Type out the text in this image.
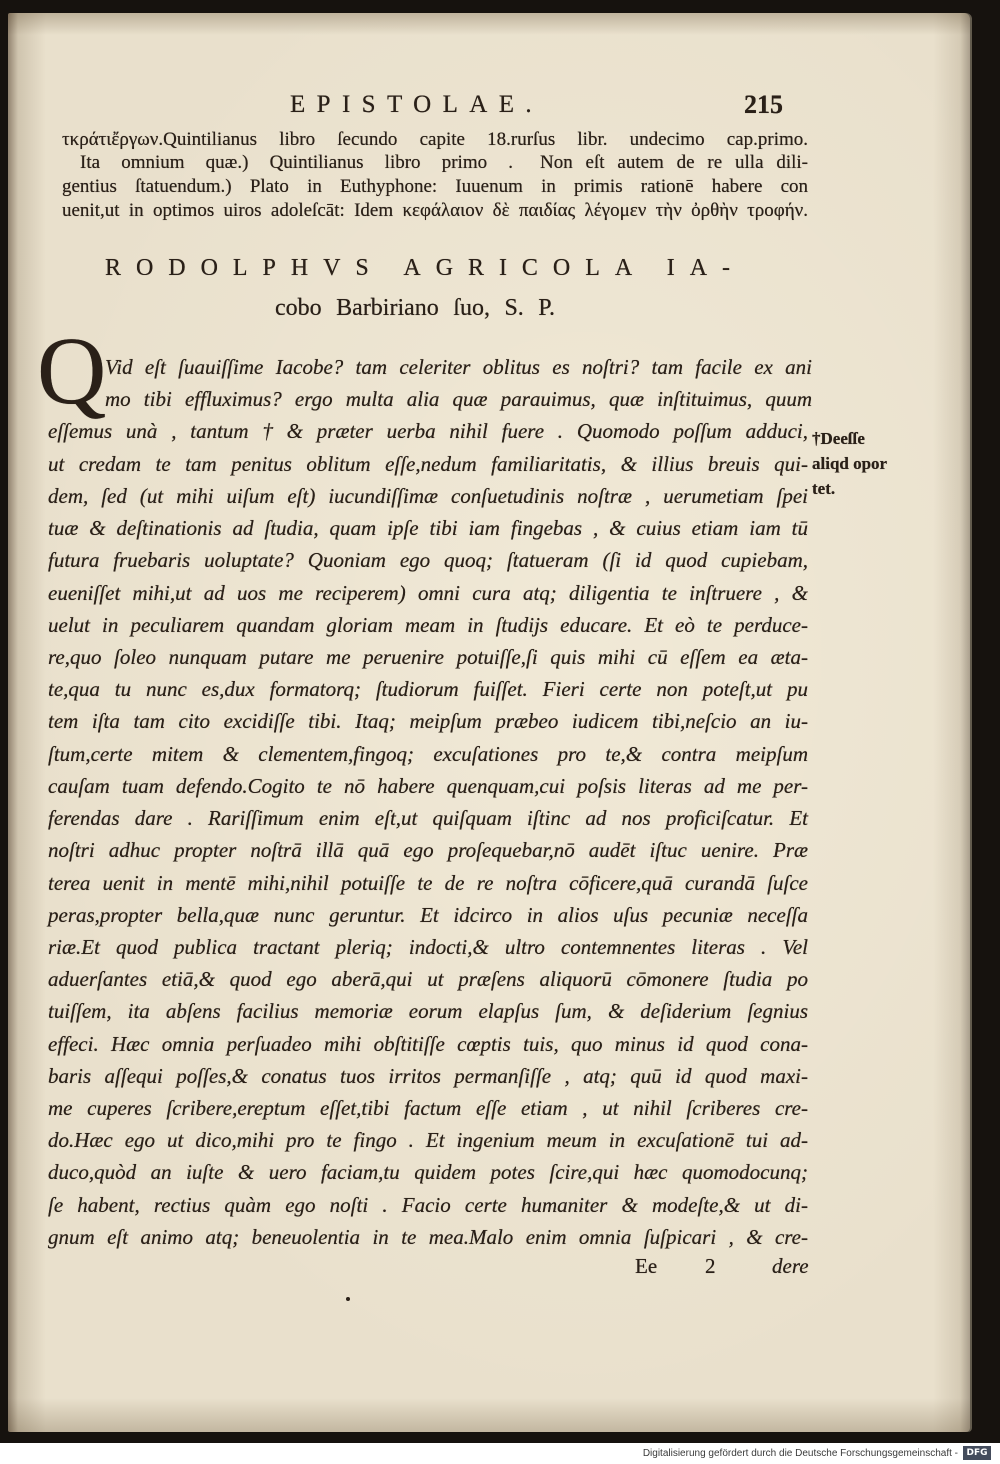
EPISTOLAE.	215
τκράτιἔργων.Quintilianus libro ſecundo capite 18.rurſus libr. undecimo cap.primo.
Ita omnium quæ.) Quintilianus libro primo . Non eſt autem de re ulla dili-
gentius ſtatuendum.) Plato in Euthyphone: Iuuenum in primis rationē habere con
uenit,ut in optimos uiros adoleſcāt: Idem κεφάλαιον δὲ παιδίας λέγομεν τὴν ὀρθὴν τροφήν.
RODOLPHVS AGRICOLA IA-
cobo Barbiriano ſuo, S. P.
Q
Vid eſt ſuauiſſime Iacobe? tam celeriter oblitus es noſtri? tam facile ex ani
mo tibi effluximus? ergo multa alia quæ parauimus, quæ inſtituimus, quum
eſſemus unà , tantum † & præter uerba nihil fuere . Quomodo poſſum adduci,
ut credam te tam penitus oblitum eſſe,nedum familiaritatis, & illius breuis qui-
dem, ſed (ut mihi uiſum eſt) iucundiſſimæ conſuetudinis noſtræ , uerumetiam ſpei
tuæ & deſtinationis ad ſtudia, quam ipſe tibi iam fingebas , & cuius etiam iam tū
futura fruebaris uoluptate? Quoniam ego quoq; ſtatueram (ſi id quod cupiebam,
eueniſſet mihi,ut ad uos me reciperem) omni cura atq; diligentia te inſtruere , &
uelut in peculiarem quandam gloriam meam in ſtudijs educare. Et eò te perduce-
re,quo ſoleo nunquam putare me peruenire potuiſſe,ſi quis mihi cū eſſem ea æta-
te,qua tu nunc es,dux formatorq; ſtudiorum fuiſſet. Fieri certe non poteſt,ut pu
tem iſta tam cito excidiſſe tibi. Itaq; meipſum præbeo iudicem tibi,neſcio an iu-
ſtum,certe mitem & clementem,fingoq; excuſationes pro te,& contra meipſum
cauſam tuam defendo.Cogito te nō habere quenquam,cui poſsis literas ad me per-
ferendas dare . Rariſſimum enim eſt,ut quiſquam iſtinc ad nos proficiſcatur. Et
noſtri adhuc propter noſtrā illā quā ego proſequebar,nō audēt iſtuc uenire. Præ
terea uenit in mentē mihi,nihil potuiſſe te de re noſtra cōficere,quā curandā ſuſce
peras,propter bella,quæ nunc geruntur. Et idcirco in alios uſus pecuniæ neceſſa
riæ.Et quod publica tractant pleriq; indocti,& ultro contemnentes literas . Vel
aduerſantes etiā,& quod ego aberā,qui ut præſens aliquorū cōmonere ſtudia po
tuiſſem, ita abſens facilius memoriæ eorum elapſus ſum, & deſiderium ſegnius
effeci. Hæc omnia perſuadeo mihi obſtitiſſe cœptis tuis, quo minus id quod cona-
baris aſſequi poſſes,& conatus tuos irritos permanſiſſe , atq; quū id quod maxi-
me cuperes ſcribere,ereptum eſſet,tibi factum eſſe etiam , ut nihil ſcriberes cre-
do.Hæc ego ut dico,mihi pro te fingo . Et ingenium meum in excuſationē tui ad-
duco,quòd an iuſte & uero faciam,tu quidem potes ſcire,qui hæc quomodocunq;
ſe habent, rectius quàm ego noſti . Facio certe humaniter & modeſte,& ut di-
gnum eſt animo atq; beneuolentia in te mea.Malo enim omnia ſuſpicari , & cre-
†Deeſſe
aliqd opor
tet.
Ee 2	dere
Digitalisierung gefördert durch die Deutsche Forschungsgemeinschaft - DFG
